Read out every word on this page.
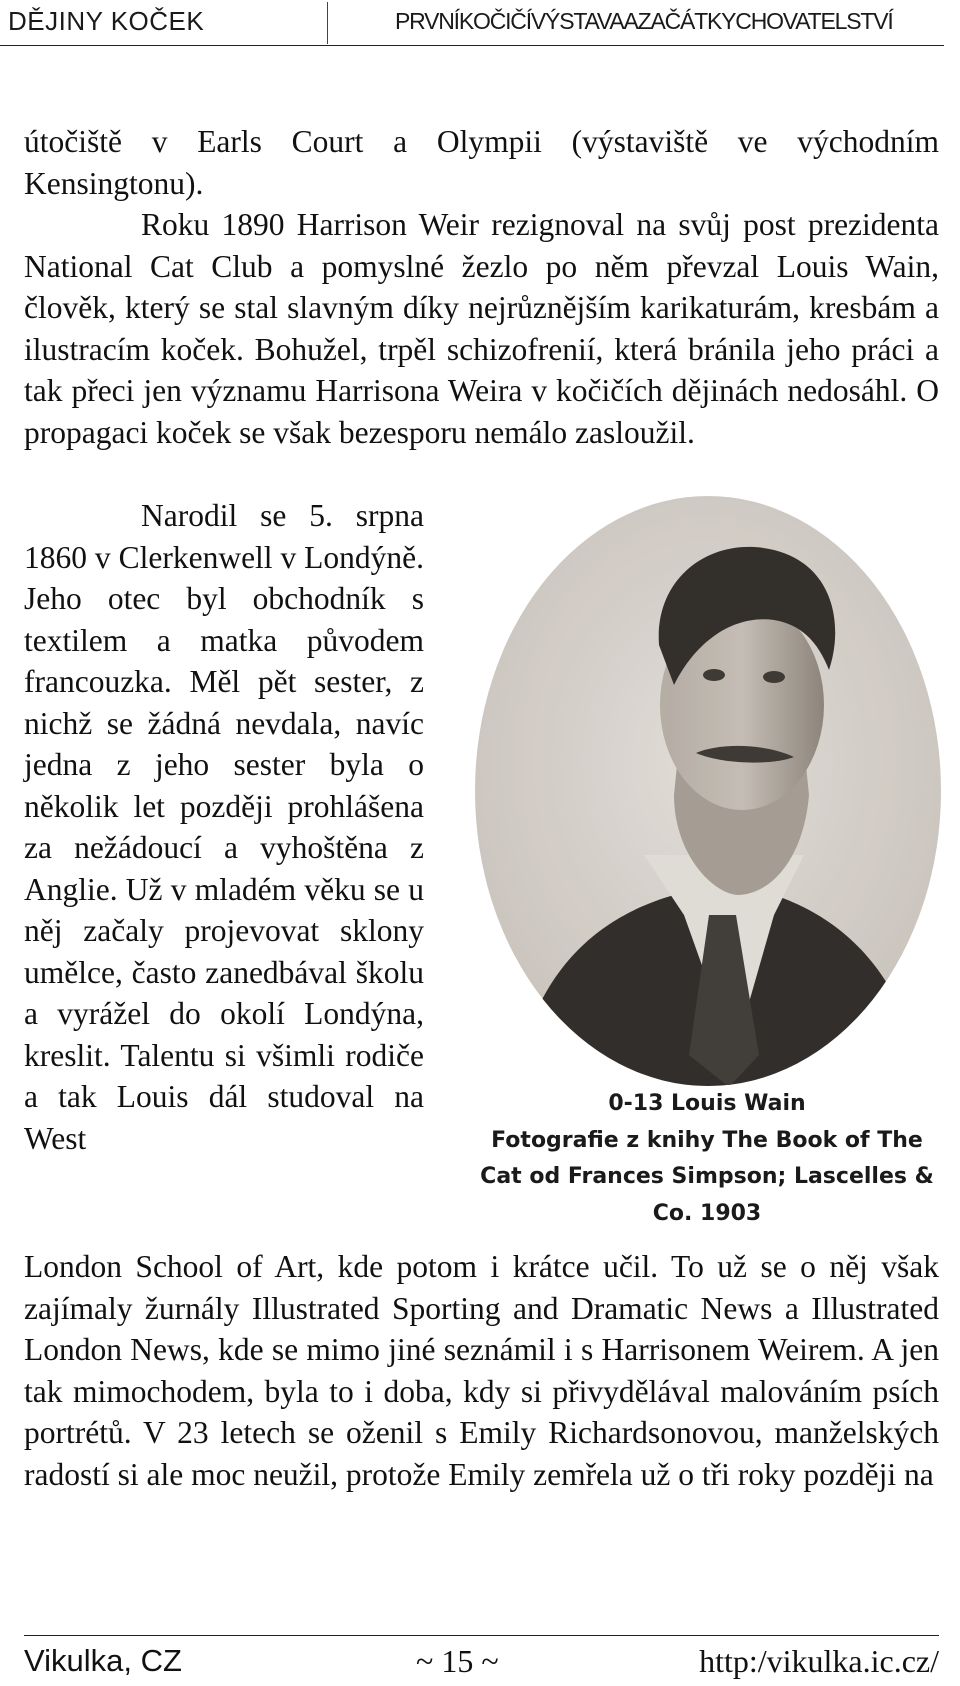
DĚJINY KOČEK	PRVNÍKOČIČÍVÝSTAVAAZAČÁTKYCHOVATELSTVÍ
útočiště v Earls Court a Olympii (výstaviště ve východním Kensingtonu).
Roku 1890 Harrison Weir rezignoval na svůj post prezidenta National Cat Club a pomyslné žezlo po něm převzal Louis Wain, člověk, který se stal slavným díky nejrůznějším karikaturám, kresbám a ilustracím koček. Bohužel, trpěl schizofrenií, která bránila jeho práci a tak přeci jen významu Harrisona Weira v kočičích dějinách nedosáhl. O propagaci koček se však bezesporu nemálo zasloužil.
Narodil se 5. srpna 1860 v Clerkenwell v Londýně. Jeho otec byl obchodník s textilem a matka původem francouzka. Měl pět sester, z nichž se žádná nevdala, navíc jedna z jeho sester byla o několik let později prohlášena za nežádoucí a vyhoštěna z Anglie. Už v mladém věku se u něj začaly projevovat sklony umělce, často zanedbával školu a vyrážel do okolí Londýna, kreslit. Talentu si všimli rodiče a tak Louis dál studoval na West
0-13 Louis Wain
Fotografie z knihy The Book of The
Cat od Frances Simpson; Lascelles &
Co. 1903
London School of Art, kde potom i krátce učil. To už se o něj však zajímaly žurnály Illustrated Sporting and Dramatic News a Illustrated London News, kde se mimo jiné seznámil i s Harrisonem Weirem. A jen tak mimochodem, byla to i doba, kdy si přivydělával malováním psích portrétů. V 23 letech se oženil s Emily Richardsonovou, manželských radostí si ale moc neužil, protože Emily zemřela už o tři roky později na
Vikulka, CZ	~ 15 ~	http:/vikulka.ic.cz/
